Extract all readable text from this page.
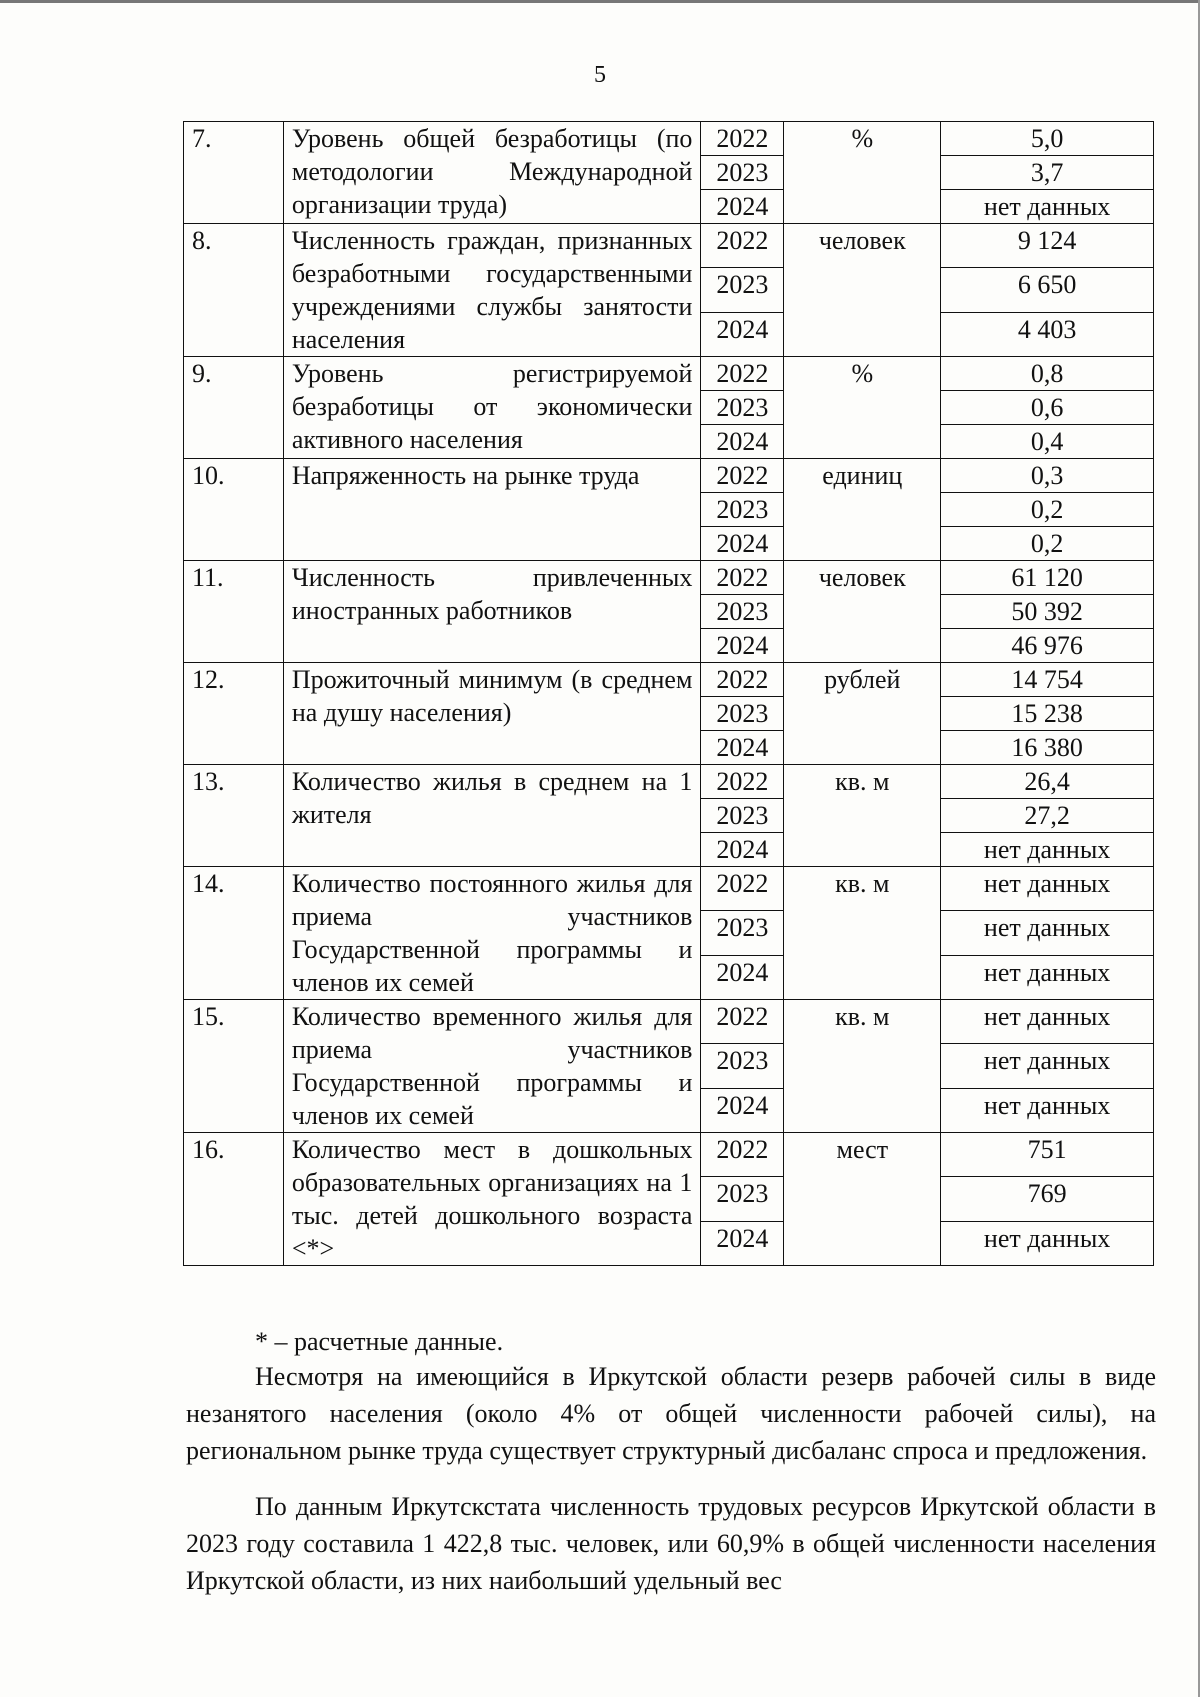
5
7.	Уровень общей безработицы (по методологии Международной организации труда)	2022	%	5,0
		2023		3,7
		2024		нет данных
8.	Численность граждан, признанных безработными государственными учреждениями службы занятости населения	2022	человек	9 124
		2023		6 650
		2024		4 403
9.	Уровень регистрируемой безработицы от экономически активного населения	2022	%	0,8
		2023		0,6
		2024		0,4
10.	Напряженность на рынке труда	2022	единиц	0,3
		2023		0,2
		2024		0,2
11.	Численность привлеченных иностранных работников	2022	человек	61 120
		2023		50 392
		2024		46 976
12.	Прожиточный минимум (в среднем на душу населения)	2022	рублей	14 754
		2023		15 238
		2024		16 380
13.	Количество жилья в среднем на 1 жителя	2022	кв. м	26,4
		2023		27,2
		2024		нет данных
14.	Количество постоянного жилья для приема участников Государственной программы и членов их семей	2022	кв. м	нет данных
		2023		нет данных
		2024		нет данных
15.	Количество временного жилья для приема участников Государственной программы и членов их семей	2022	кв. м	нет данных
		2023		нет данных
		2024		нет данных
16.	Количество мест в дошкольных образовательных организациях на 1 тыс. детей дошкольного возраста <*>	2022	мест	751
		2023		769
		2024		нет данных
* – расчетные данные.

Несмотря на имеющийся в Иркутской области резерв рабочей силы в виде незанятого населения (около 4% от общей численности рабочей силы), на региональном рынке труда существует структурный дисбаланс спроса и предложения.

По данным Иркутскстата численность трудовых ресурсов Иркутской области в 2023 году составила 1 422,8 тыс. человек, или 60,9% в общей численности населения Иркутской области, из них наибольший удельный вес
